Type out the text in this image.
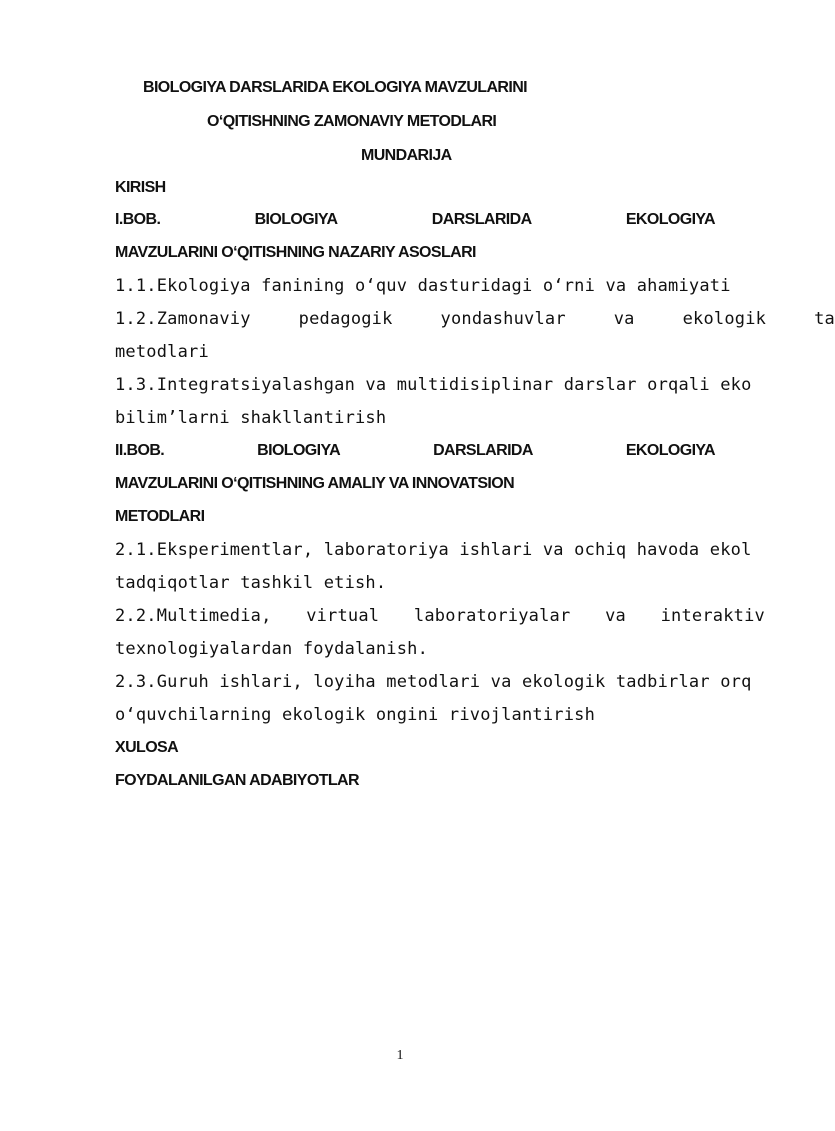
BIOLOGIYA DARSLARIDA EKOLOGIYA MAVZULARINI
O‘QITISHNING ZAMONAVIY METODLARI
MUNDARIJA
KIRISH
I.BOB.	BIOLOGIYA	DARSLARIDA	EKOLOGIYA
MAVZULARINI O‘QITISHNING NAZARIY ASOSLARI
1.1.Ekologiya fanining o‘quv dasturidagi o‘rni va ahamiyati
1.2.Zamonaviy	pedagogik	yondashuvlar	va	ekologik	ta
metodlari
1.3.Integratsiyalashgan va multidisiplinar darslar orqali eko
bilim’larni shakllantirish
II.BOB.	BIOLOGIYA	DARSLARIDA	EKOLOGIYA
MAVZULARINI O‘QITISHNING AMALIY VA INNOVATSION
METODLARI
2.1.Eksperimentlar, laboratoriya ishlari va ochiq havoda ekol
tadqiqotlar tashkil etish.
2.2.Multimedia, virtual laboratoriyalar va interaktiv
texnologiyalardan foydalanish.
2.3.Guruh ishlari, loyiha metodlari va ekologik tadbirlar orq
o‘quvchilarning ekologik ongini rivojlantirish
XULOSA
FOYDALANILGAN ADABIYOTLAR
1
